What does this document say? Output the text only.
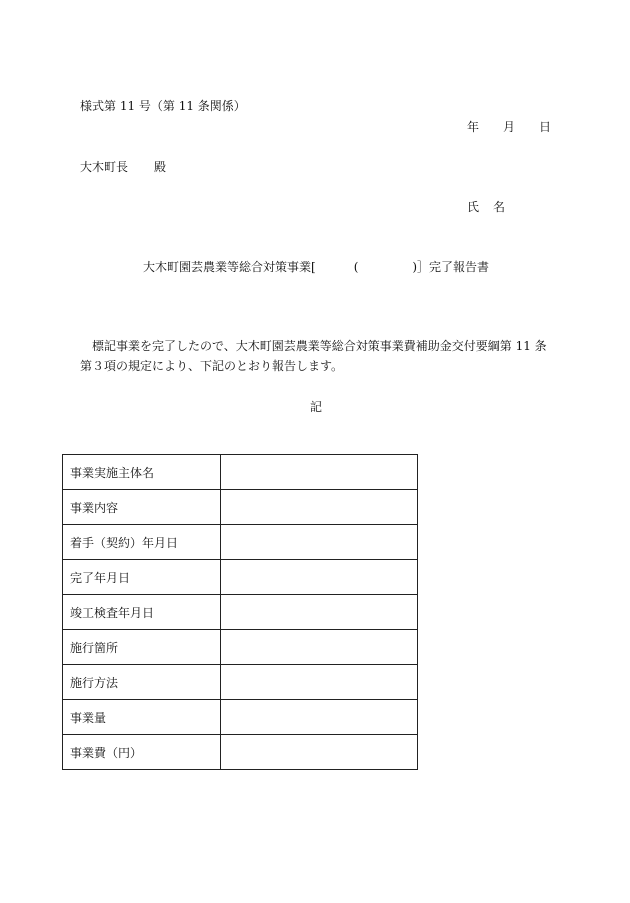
様式第 11 号（第 11 条関係）
年 月 日
大木町長 殿
氏 名
大木町園芸農業等総合対策事業[	(	)］完了報告書
標記事業を完了したので、大木町園芸農業等総合対策事業費補助金交付要綱第 11 条
第３項の規定により、下記のとおり報告します。
記
事業実施主体名	
事業内容	
着手（契約）年月日	
完了年月日	
竣工検査年月日	
施行箇所	
施行方法	
事業量	
事業費（円）	
